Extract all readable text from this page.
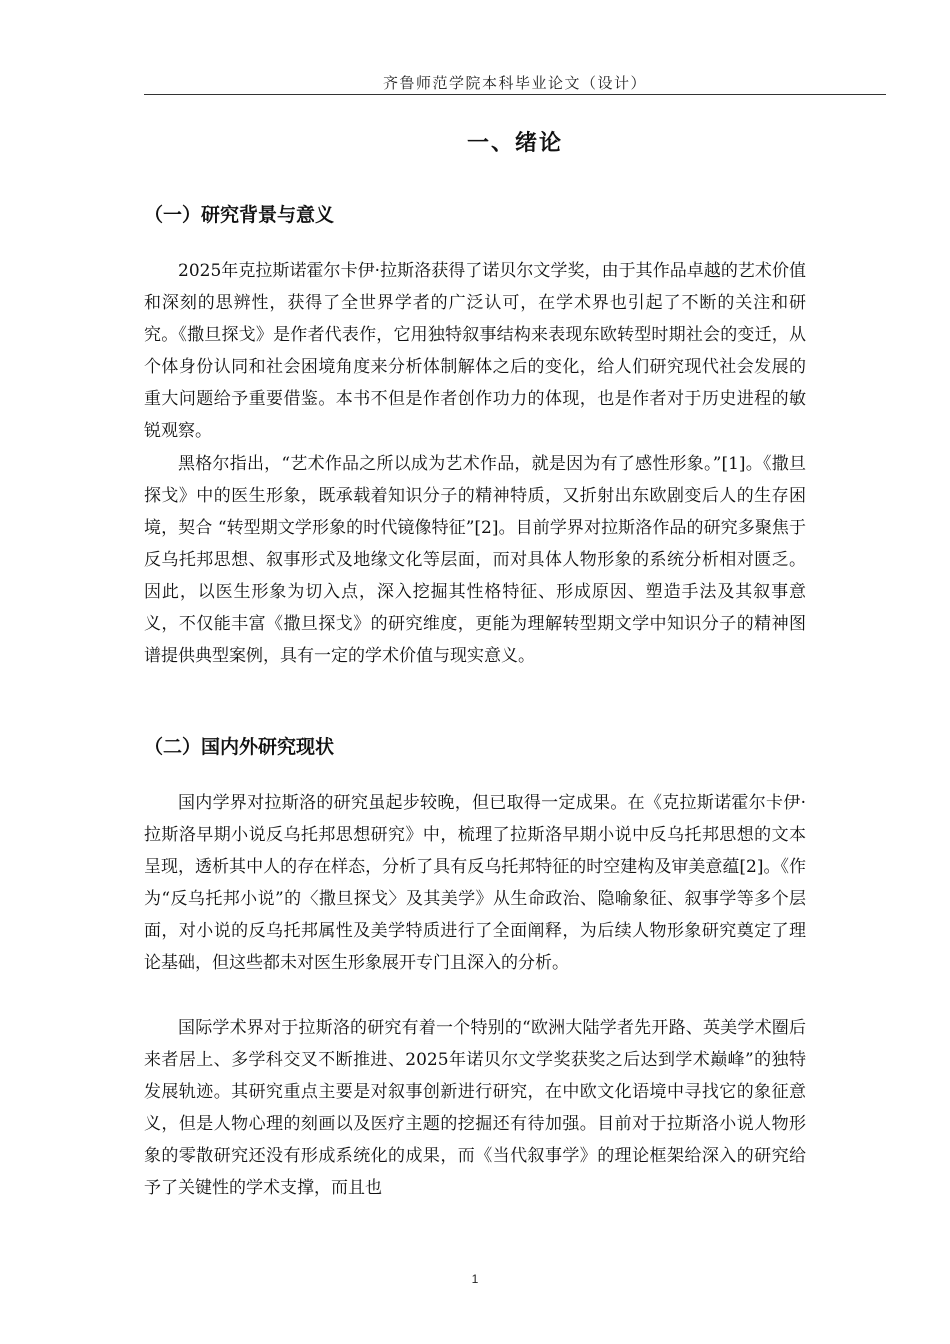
齐鲁师范学院本科毕业论文（设计）
一、绪论
（一）研究背景与意义

2025年克拉斯诺霍尔卡伊·拉斯洛获得了诺贝尔文学奖，由于其作品卓越的艺术价值和深刻的思辨性，获得了全世界学者的广泛认可，在学术界也引起了不断的关注和研究。《撒旦探戈》是作者代表作，它用独特叙事结构来表现东欧转型时期社会的变迁，从个体身份认同和社会困境角度来分析体制解体之后的变化，给人们研究现代社会发展的重大问题给予重要借鉴。本书不但是作者创作功力的体现，也是作者对于历史进程的敏锐观察。

黑格尔指出，“艺术作品之所以成为艺术作品，就是因为有了感性形象。”[1]。《撒旦探戈》中的医生形象，既承载着知识分子的精神特质，又折射出东欧剧变后人的生存困境，契合 “转型期文学形象的时代镜像特征”[2]。目前学界对拉斯洛作品的研究多聚焦于反乌托邦思想、叙事形式及地缘文化等层面，而对具体人物形象的系统分析相对匮乏。因此，以医生形象为切入点，深入挖掘其性格特征、形成原因、塑造手法及其叙事意义，不仅能丰富《撒旦探戈》的研究维度，更能为理解转型期文学中知识分子的精神图谱提供典型案例，具有一定的学术价值与现实意义。

（二）国内外研究现状

国内学界对拉斯洛的研究虽起步较晚，但已取得一定成果。在《克拉斯诺霍尔卡伊·拉斯洛早期小说反乌托邦思想研究》中，梳理了拉斯洛早期小说中反乌托邦思想的文本呈现，透析其中人的存在样态，分析了具有反乌托邦特征的时空建构及审美意蕴[2]。《作为“反乌托邦小说”的〈撒旦探戈〉及其美学》从生命政治、隐喻象征、叙事学等多个层面，对小说的反乌托邦属性及美学特质进行了全面阐释，为后续人物形象研究奠定了理论基础，但这些都未对医生形象展开专门且深入的分析。

国际学术界对于拉斯洛的研究有着一个特别的“欧洲大陆学者先开路、英美学术圈后来者居上、多学科交叉不断推进、2025年诺贝尔文学奖获奖之后达到学术巅峰”的独特发展轨迹。其研究重点主要是对叙事创新进行研究，在中欧文化语境中寻找它的象征意义，但是人物心理的刻画以及医疗主题的挖掘还有待加强。目前对于拉斯洛小说人物形象的零散研究还没有形成系统化的成果，而《当代叙事学》的理论框架给深入的研究给予了关键性的学术支撑，而且也

1
